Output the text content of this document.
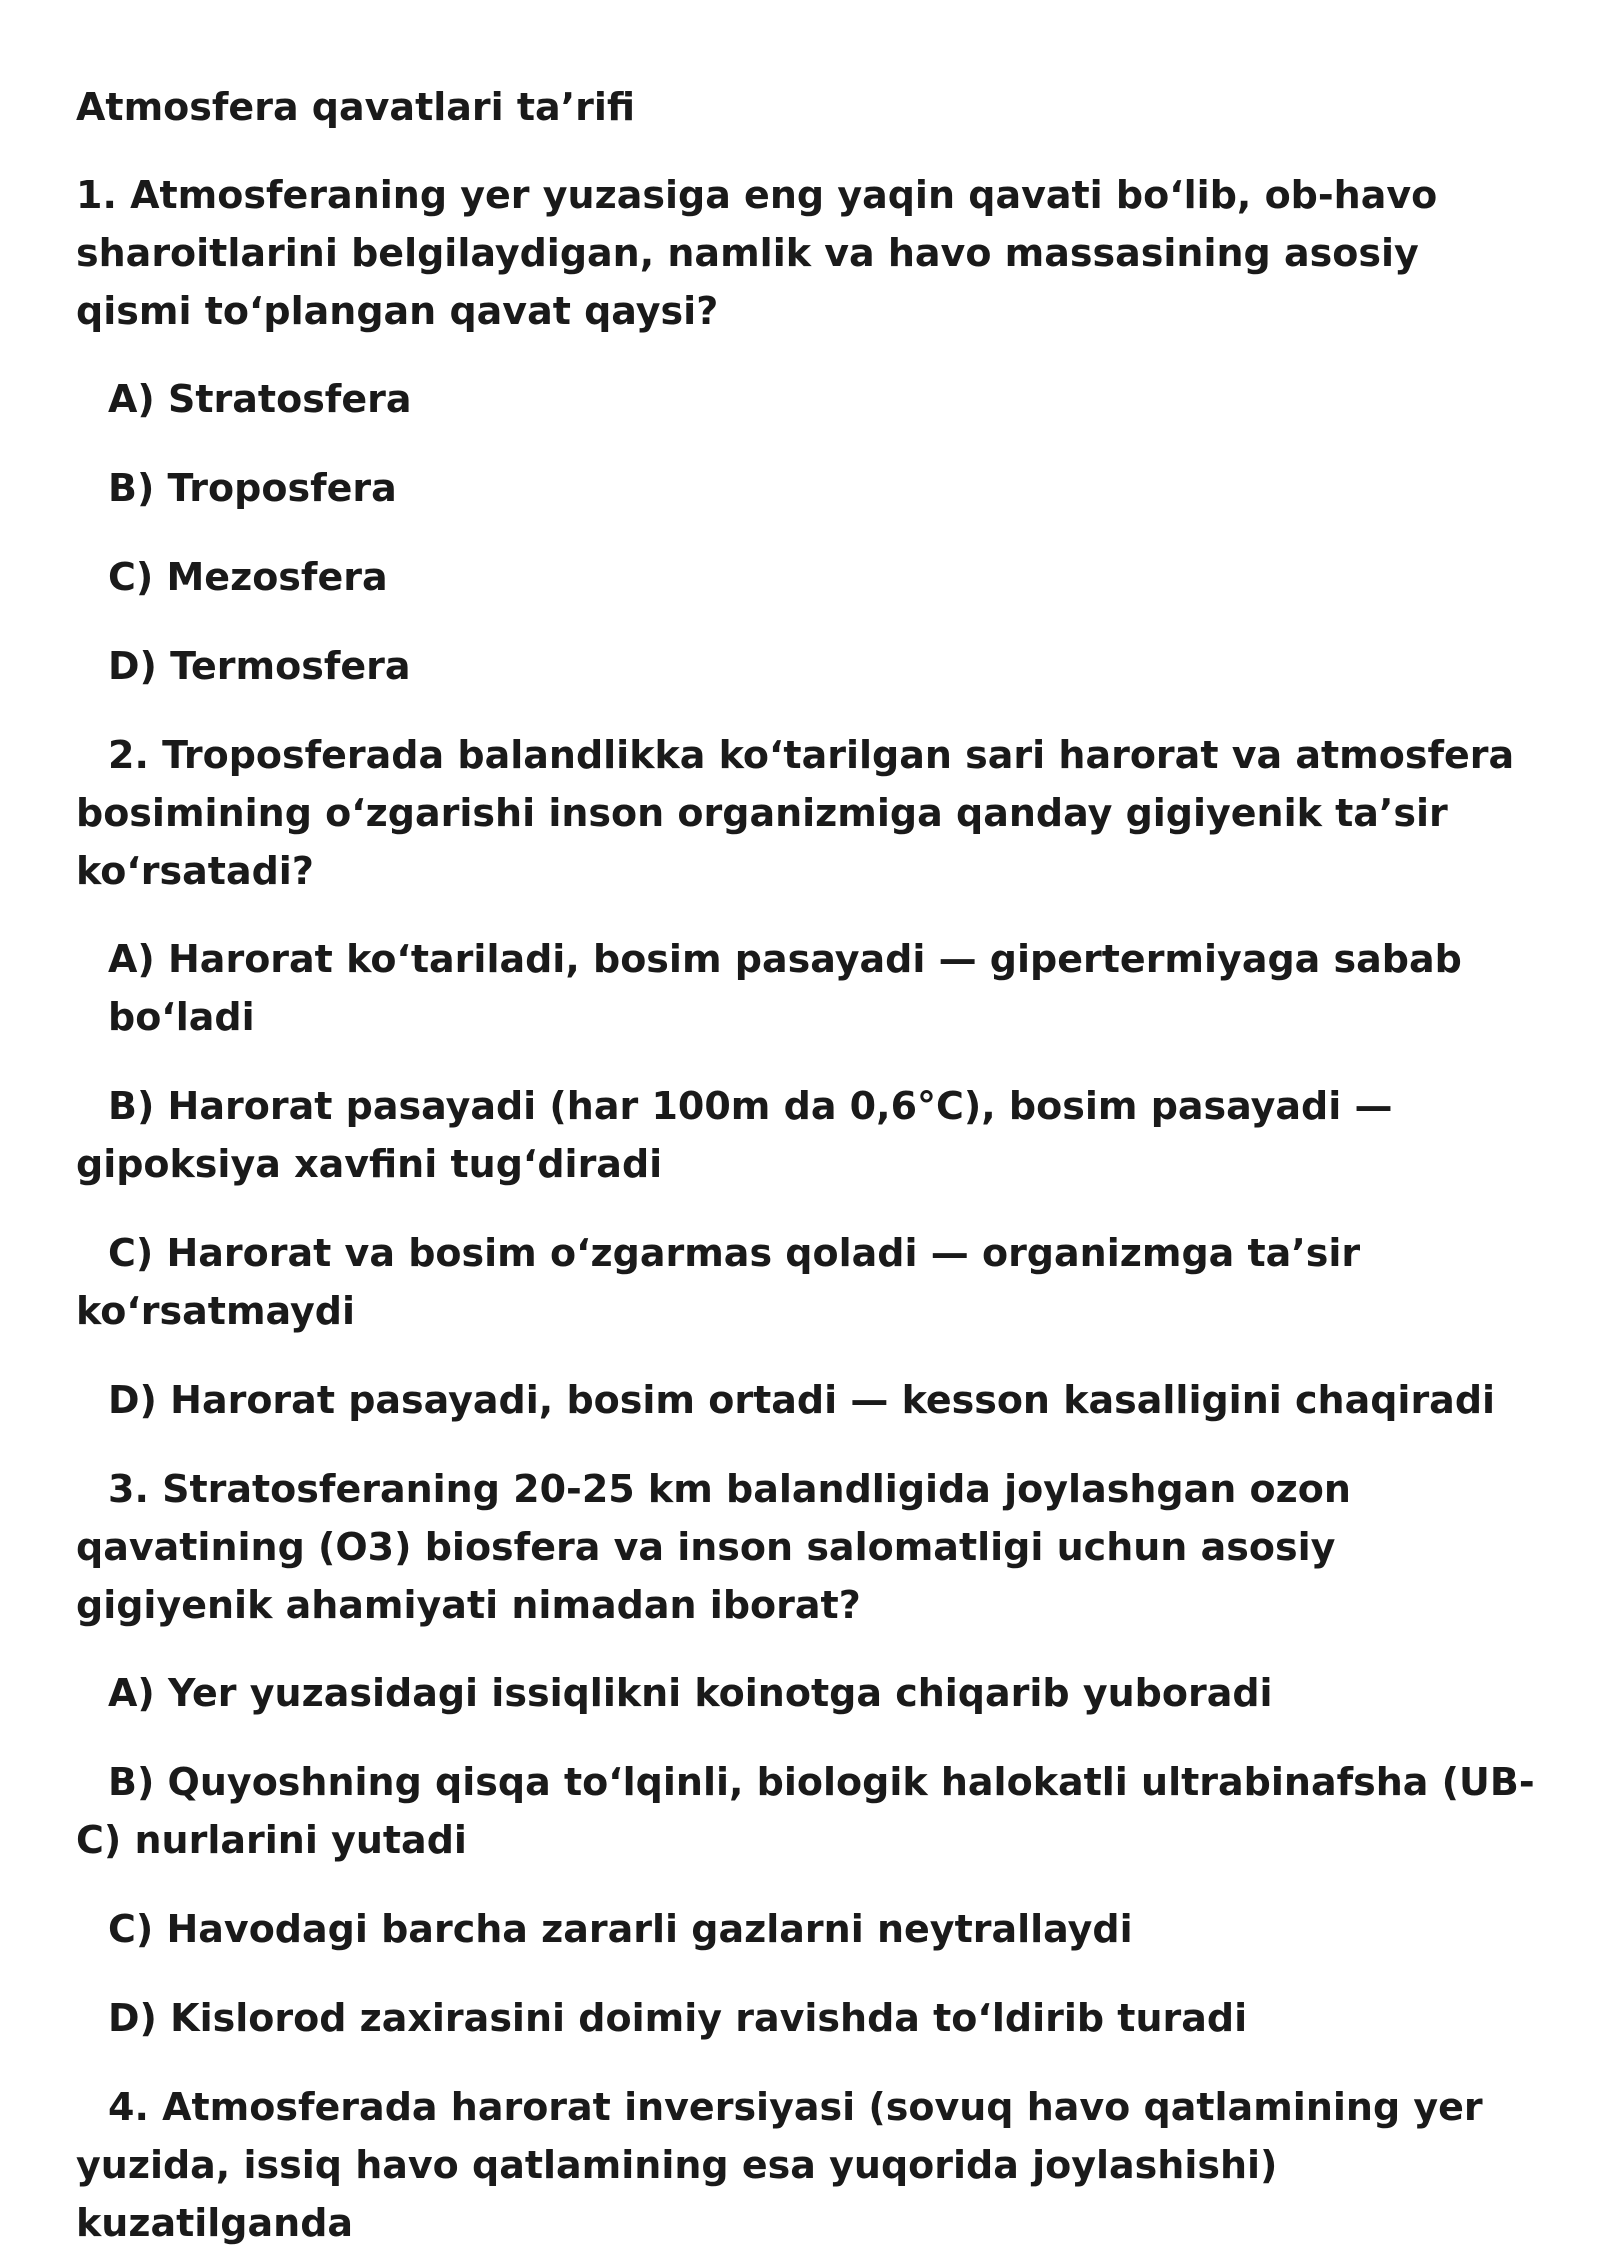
Atmosfera qavatlari ta’rifi

1. Atmosferaning yer yuzasiga eng yaqin qavati bo‘lib, ob-havo sharoitlarini belgilaydigan, namlik va havo massasining asosiy qismi to‘plangan qavat qaysi?

A) Stratosfera

B) Troposfera

C) Mezosfera

D) Termosfera

2. Troposferada balandlikka ko‘tarilgan sari harorat va atmosfera bosimining o‘zgarishi inson organizmiga qanday gigiyenik ta’sir ko‘rsatadi?

A) Harorat ko‘tariladi, bosim pasayadi — gipertermiyaga sabab bo‘ladi

B) Harorat pasayadi (har 100m da 0,6°C), bosim pasayadi — gipoksiya xavfini tug‘diradi

C) Harorat va bosim o‘zgarmas qoladi — organizmga ta’sir ko‘rsatmaydi

D) Harorat pasayadi, bosim ortadi — kesson kasalligini chaqiradi

3. Stratosferaning 20-25 km balandligida joylashgan ozon qavatining (O3) biosfera va inson salomatligi uchun asosiy gigiyenik ahamiyati nimadan iborat?

A) Yer yuzasidagi issiqlikni koinotga chiqarib yuboradi

B) Quyoshning qisqa to‘lqinli, biologik halokatli ultrabinafsha (UB-C) nurlarini yutadi

C) Havodagi barcha zararli gazlarni neytrallaydi

D) Kislorod zaxirasini doimiy ravishda to‘ldirib turadi

4. Atmosferada harorat inversiyasi (sovuq havo qatlamining yer yuzida, issiq havo qatlamining esa yuqorida joylashishi) kuzatilganda
